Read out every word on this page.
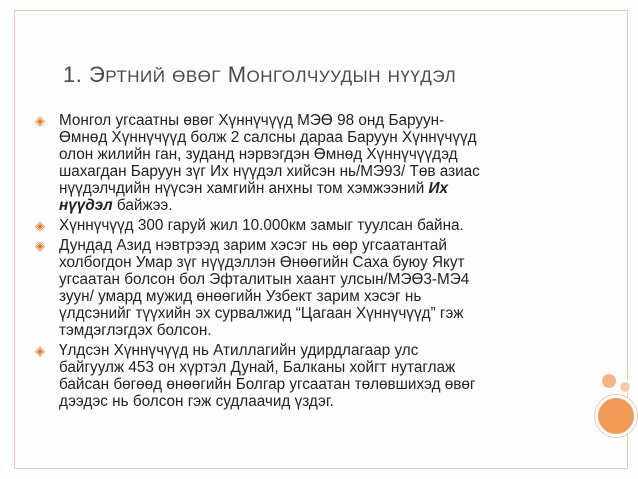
1. ЭРТНИЙ ӨВӨГ МОНГОЛЧУУДЫН НҮҮДЭЛ
◈ Монгол угсаатны өвөг Хүннүчүүд МЭӨ 98 онд Баруун-
Өмнөд Хүннүчүүд болж 2 салсны дараа Баруун Хүннүчүүд
олон жилийн ган, зуданд нэрвэгдэн Өмнөд Хүннүчүүдэд
шахагдан Баруун зүг Их нүүдэл хийсэн нь/МЭ93/ Төв азиас
нүүдэлчдийн нүүсэн хамгийн анхны том хэмжээний Их
нүүдэл байжээ.
◈ Хүннүчүүд 300 гаруй жил 10.000км замыг туулсан байна.
◈ Дундад Азид нэвтрээд зарим хэсэг нь өөр угсаатантай
холбогдон Умар зүг нүүдэллэн Өнөөгийн Саха буюу Якут
угсаатан болсон бол Эфталитын хаант улсын/МЭӨ3-МЭ4
зуун/ умард мужид өнөөгийн Узбект зарим хэсэг нь
үлдсэнийг түүхийн эх сурвалжид “Цагаан Хүннүчүүд” гэж
тэмдэглэгдэх болсон.
◈ Үлдсэн Хүннүчүүд нь Атиллагийн удирдлагаар улс
байгуулж 453 он хүртэл Дунай, Балканы хойгт нутаглаж
байсан бөгөөд өнөөгийн Болгар угсаатан төлөвшихэд өвөг
дээдэс нь болсон гэж судлаачид үздэг.
